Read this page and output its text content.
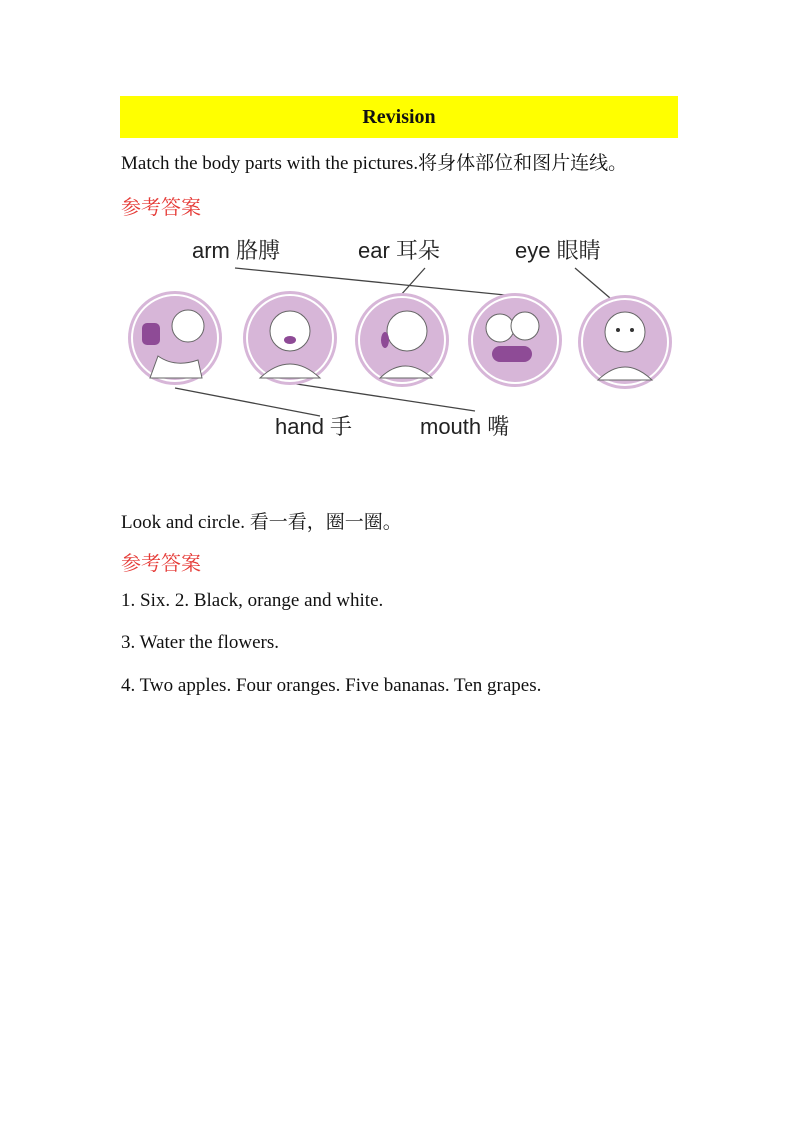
Revision
Match the body parts with the pictures.将身体部位和图片连线。
参考答案
arm 胳膊	ear 耳朵	eye 眼睛
hand 手	mouth 嘴
Look and circle. 看一看，圈一圈。
参考答案
1. Six. 2. Black, orange and white.
3. Water the flowers.
4. Two apples. Four oranges. Five bananas. Ten grapes.
